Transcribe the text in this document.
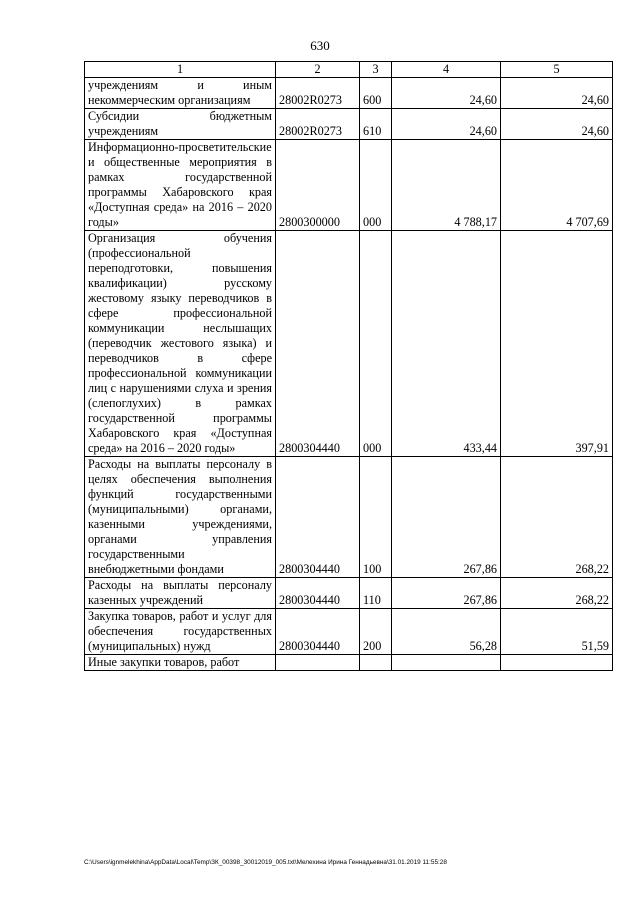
630
1	2	3	4	5

учреждениям и иным некоммерческим организациям	28002R0273	600	24,60	24,60

Субсидии бюджетным учреждениям	28002R0273	610	24,60	24,60

Информационно-просветительские и общественные мероприятия в рамках государственной программы Хабаровского края «Доступная среда» на 2016 – 2020 годы»	2800300000	000	4 788,17	4 707,69

Организация обучения (профессиональной переподготовки, повышения квалификации) русскому жестовому языку переводчиков в сфере профессиональной коммуникации неслышащих (переводчик жестового языка) и переводчиков в сфере профессиональной коммуникации лиц с нарушениями слуха и зрения (слепоглухих) в рамках государственной программы Хабаровского края «Доступная среда» на 2016 – 2020 годы»	2800304440	000	433,44	397,91

Расходы на выплаты персоналу в целях обеспечения выполнения функций государственными (муниципальными) органами, казенными учреждениями, органами управления государственными внебюджетными фондами	2800304440	100	267,86	268,22

Расходы на выплаты персоналу казенных учреждений	2800304440	110	267,86	268,22

Закупка товаров, работ и услуг для обеспечения государственных (муниципальных) нужд	2800304440	200	56,28	51,59

Иные закупки товаров, работ				

C:\Users\ignmelekhina\AppData\Local\Temp\ЗК_00398_30012019_005.txt\Мелехина Ирина Геннадьевна\31.01.2019 11:55:28
